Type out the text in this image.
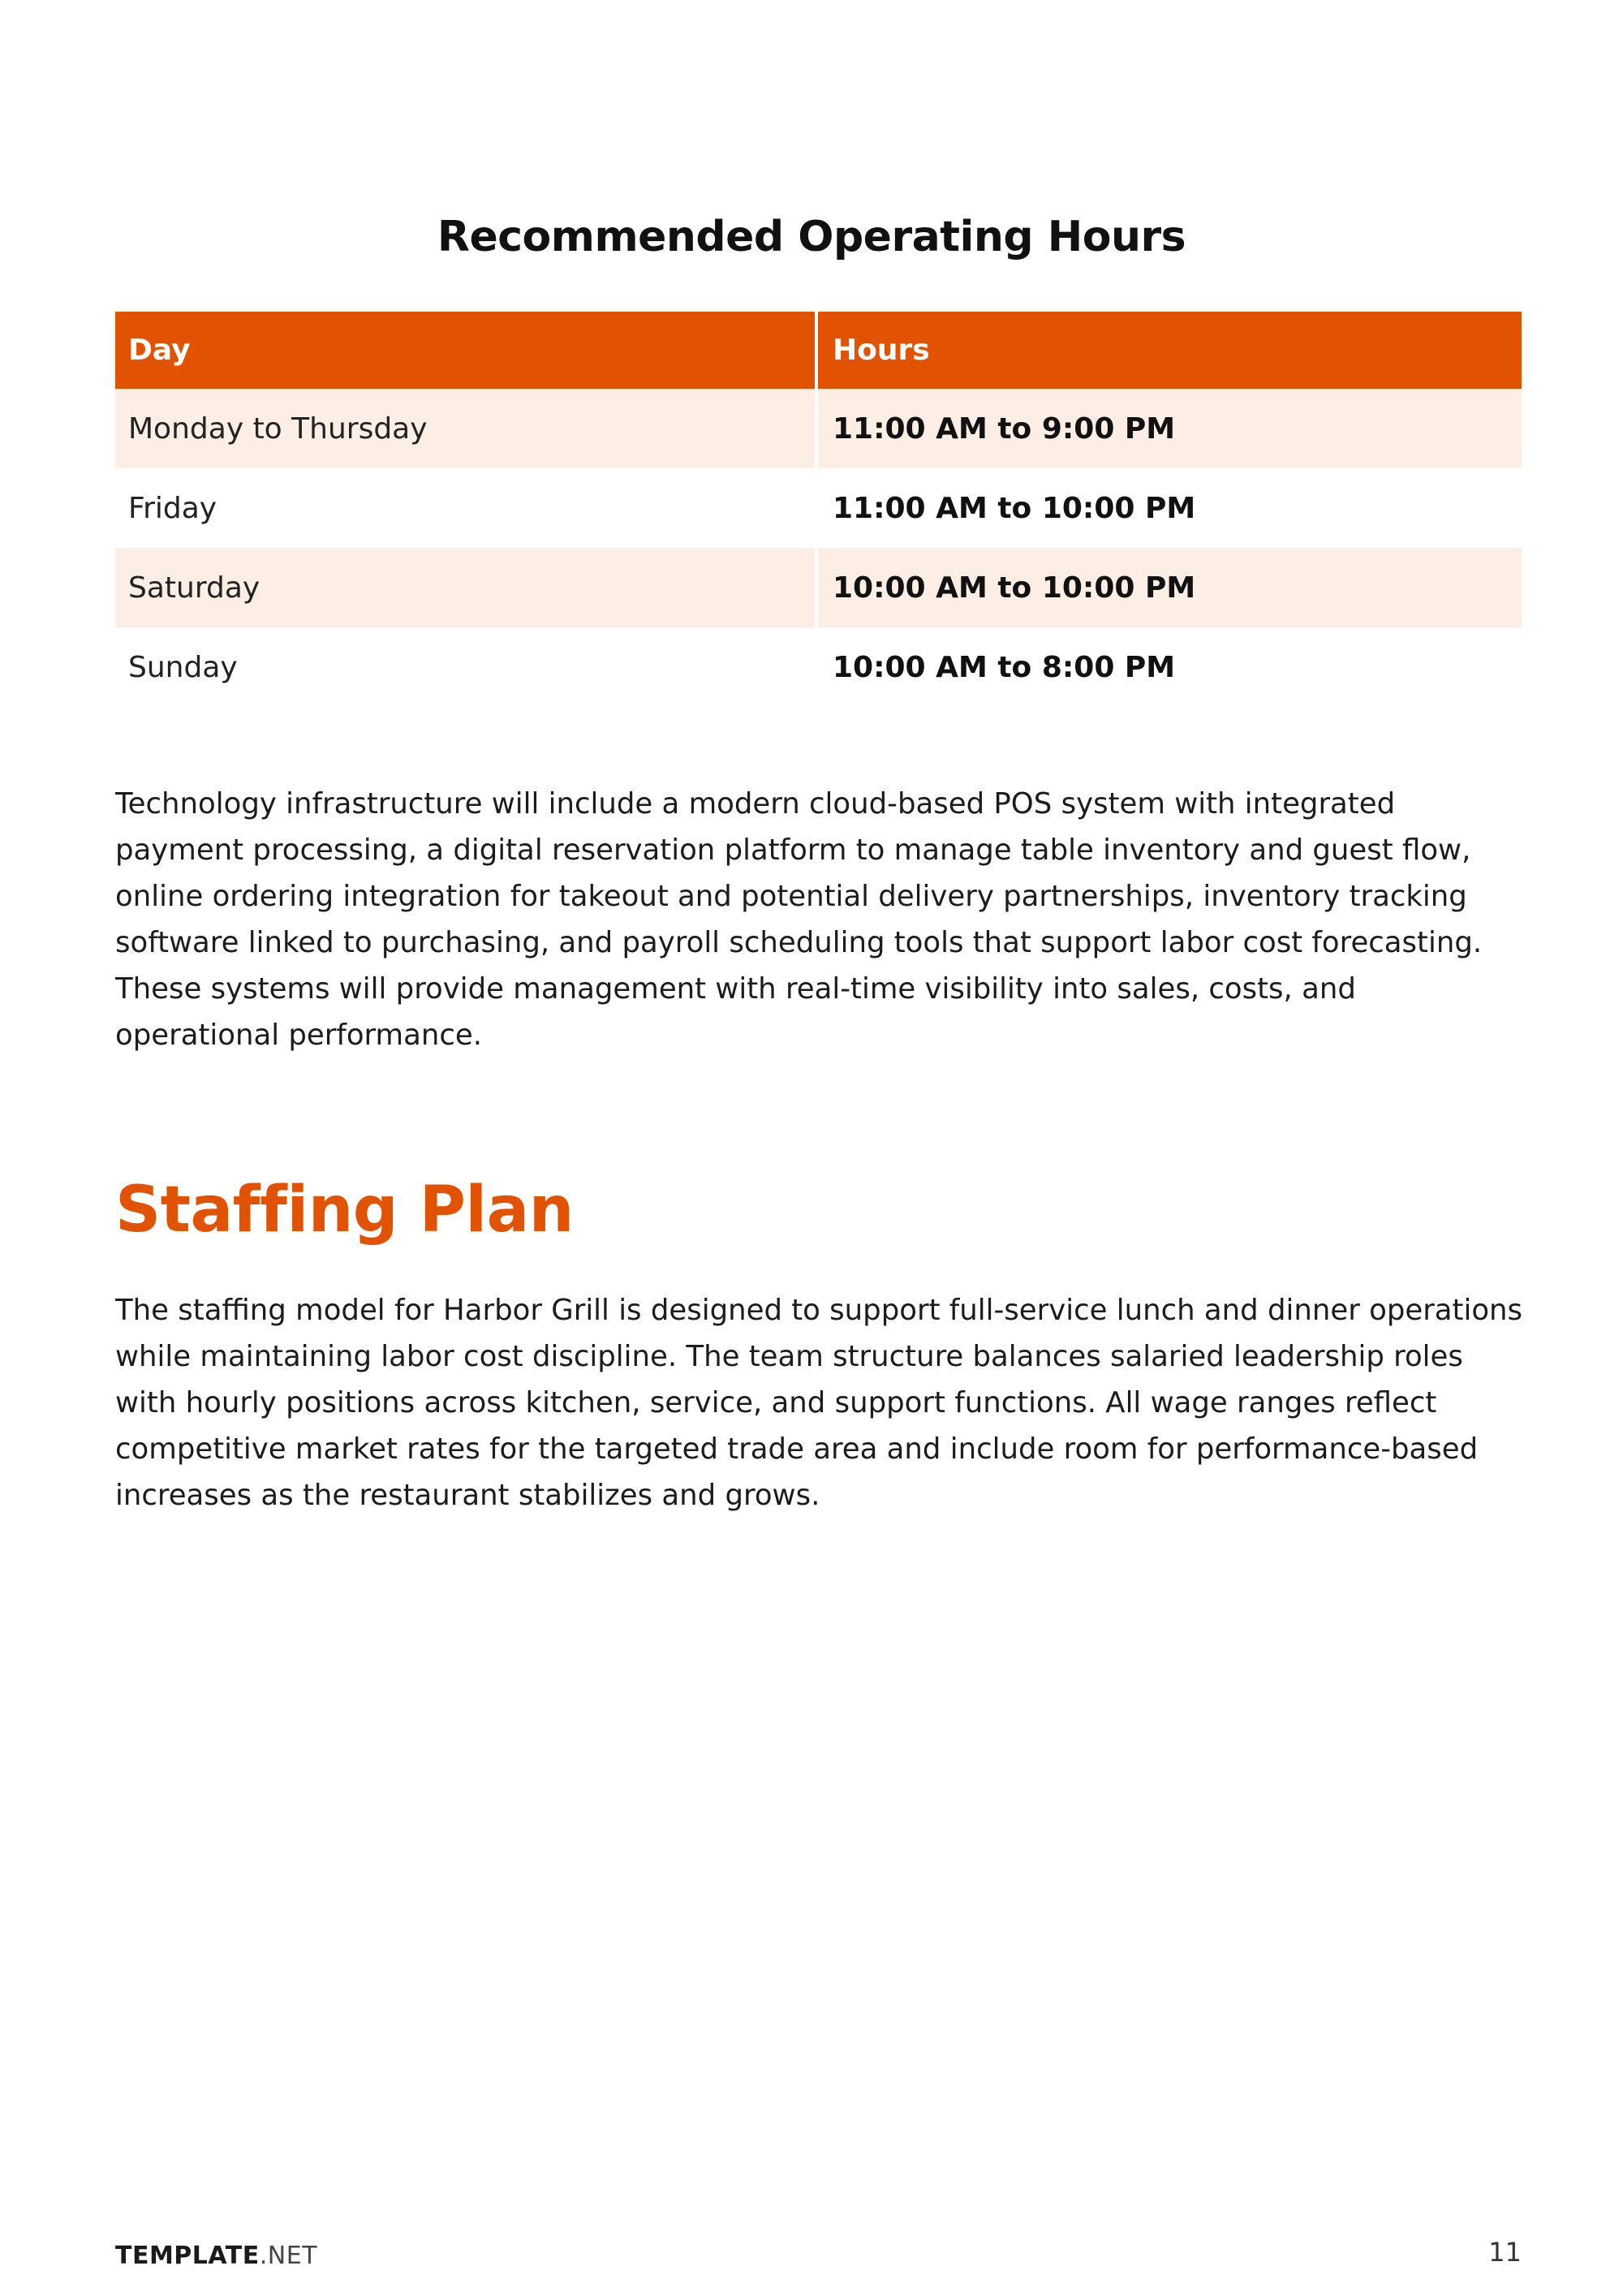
Recommended Operating Hours
Day	Hours
Monday to Thursday	11:00 AM to 9:00 PM
Friday	11:00 AM to 10:00 PM
Saturday	10:00 AM to 10:00 PM
Sunday	10:00 AM to 8:00 PM

Technology infrastructure will include a modern cloud-based POS system with integrated payment processing, a digital reservation platform to manage table inventory and guest flow, online ordering integration for takeout and potential delivery partnerships, inventory tracking software linked to purchasing, and payroll scheduling tools that support labor cost forecasting. These systems will provide management with real-time visibility into sales, costs, and operational performance.

Staffing Plan

The staffing model for Harbor Grill is designed to support full-service lunch and dinner operations while maintaining labor cost discipline. The team structure balances salaried leadership roles with hourly positions across kitchen, service, and support functions. All wage ranges reflect competitive market rates for the targeted trade area and include room for performance-based increases as the restaurant stabilizes and grows.

TEMPLATE.NET	11
